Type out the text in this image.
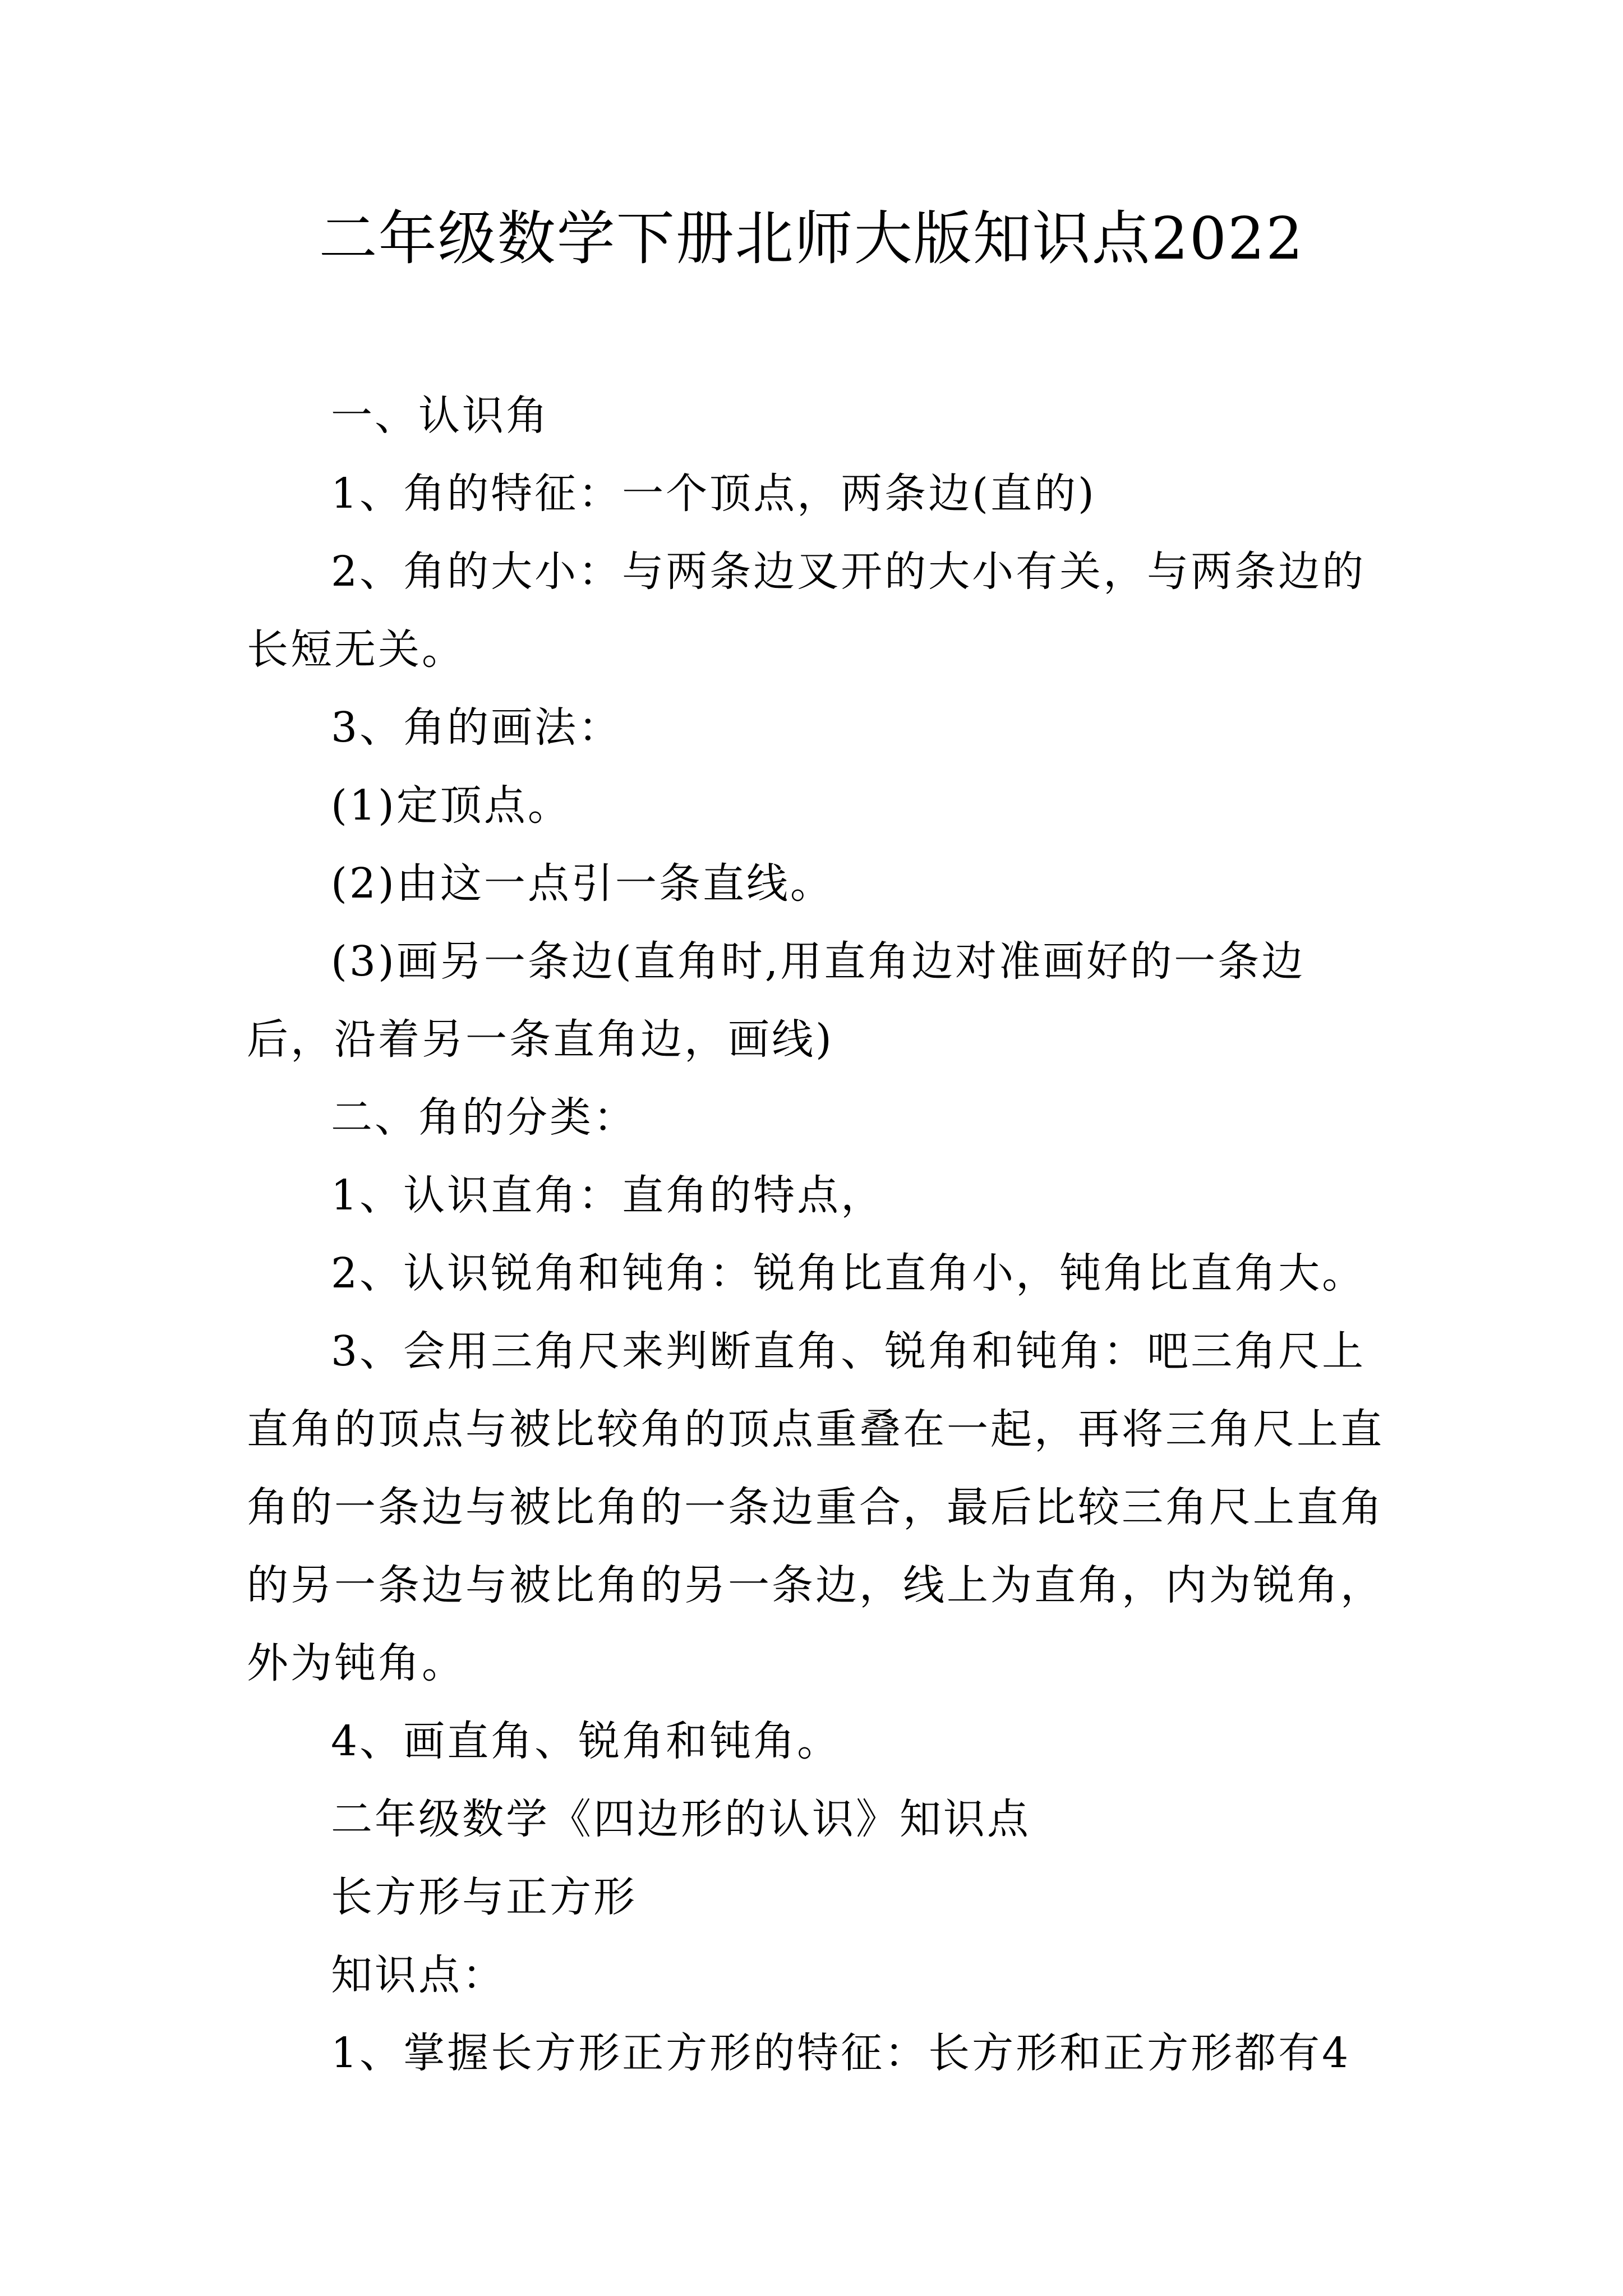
二年级数学下册北师大版知识点2022

一、认识角

1、角的特征：一个顶点，两条边(直的)

2、角的大小：与两条边叉开的大小有关，与两条边的长短无关。

3、角的画法：

(1)定顶点。

(2)由这一点引一条直线。

(3)画另一条边(直角时,用直角边对准画好的一条边后，沿着另一条直角边，画线)

二、角的分类：

1、认识直角：直角的特点，

2、认识锐角和钝角：锐角比直角小，钝角比直角大。

3、会用三角尺来判断直角、锐角和钝角：吧三角尺上直角的顶点与被比较角的顶点重叠在一起，再将三角尺上直角的一条边与被比角的一条边重合，最后比较三角尺上直角的另一条边与被比角的另一条边，线上为直角，内为锐角，外为钝角。

4、画直角、锐角和钝角。

二年级数学《四边形的认识》知识点

长方形与正方形

知识点：

1、掌握长方形正方形的特征：长方形和正方形都有4
